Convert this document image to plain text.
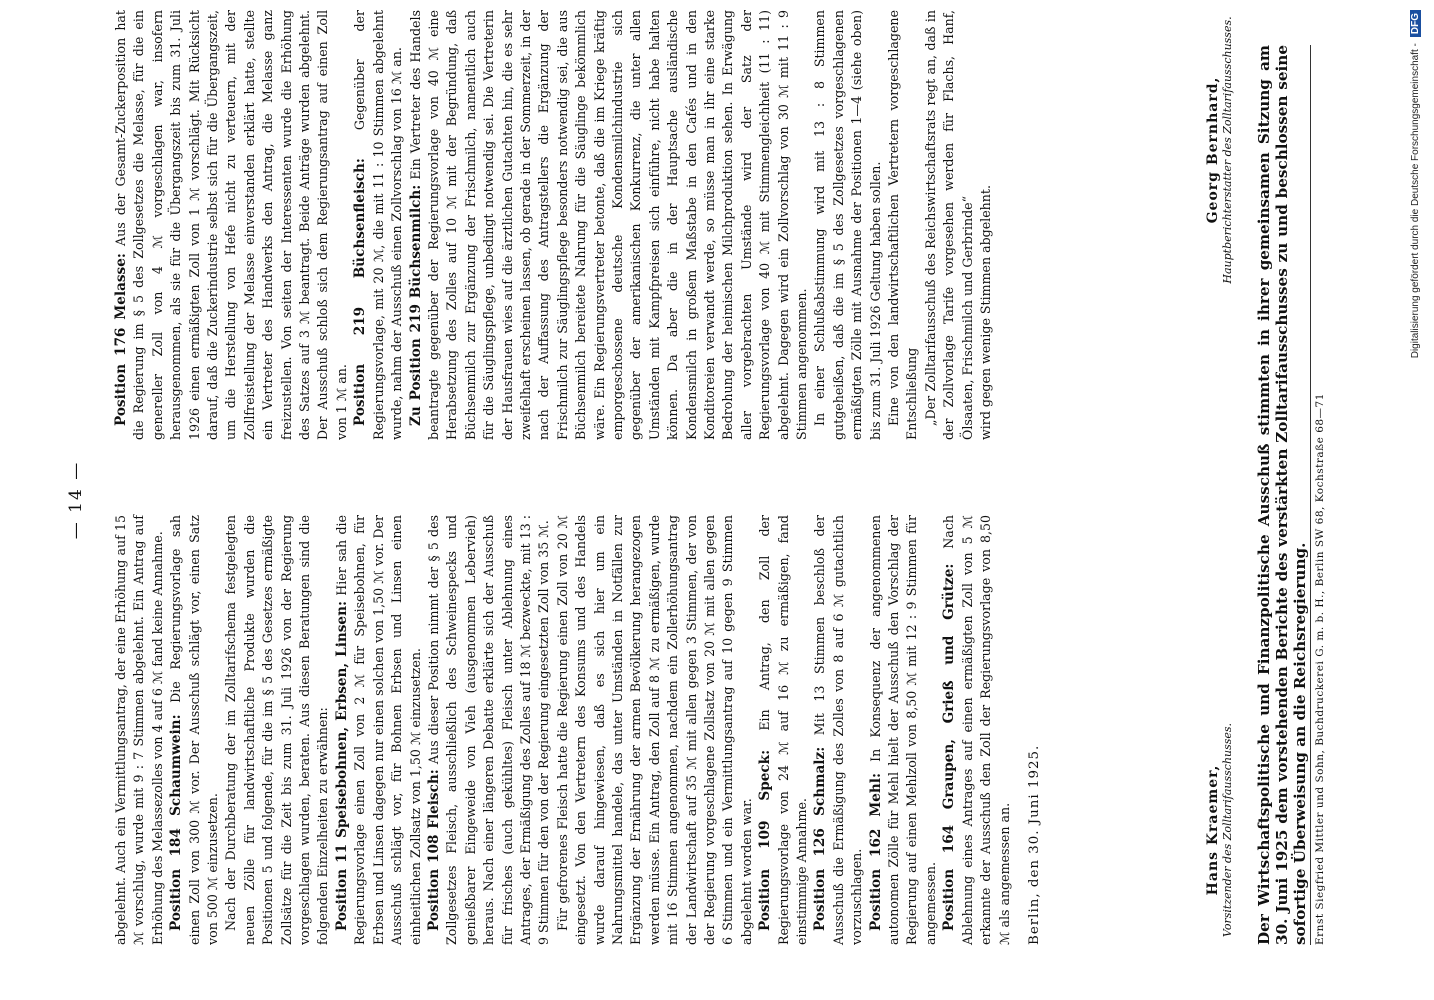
— 14 —

abgelehnt. Auch ein Vermittlungsantrag, der eine Erhöhung auf 15 ℳ vorschlug, wurde mit 9 : 7 Stimmen abgelehnt. Ein Antrag auf Erhöhung des Melassezolles von 4 auf 6 ℳ fand keine Annahme. Position 184 Schaumwein: Die Regierungsvorlage sah einen Zoll von 300 ℳ vor. Der Ausschuß schlägt vor, einen Satz von 500 ℳ einzusetzen. Nach der Durchberatung der im Zolltarifschema festgelegten neuen Zölle für landwirtschaftliche Produkte wurden die Positionen 5 und folgende, für die im § 5 des Gesetzes ermäßigte Zollsätze für die Zeit bis zum 31. Juli 1926 von der Regierung vorgeschlagen wurden, beraten. Aus diesen Beratungen sind die folgenden Einzelheiten zu erwähnen: Position 11 Speisebohnen, Erbsen, Linsen: Hier sah die Regierungsvorlage einen Zoll von 2 ℳ für Speisebohnen, für Erbsen und Linsen dagegen nur einen solchen von 1,50 ℳ vor. Der Ausschuß schlägt vor, für Bohnen Erbsen und Linsen einen einheitlichen Zollsatz von 1,50 ℳ einzusetzen. Position 108 Fleisch: Aus dieser Position nimmt der § 5 des Zollgesetzes Fleisch, ausschließlich des Schweinespecks und genießbarer Eingeweide von Vieh (ausgenommen Lebervieh) heraus. Nach einer längeren Debatte erklärte sich der Ausschuß für frisches (auch gekühltes) Fleisch unter Ablehnung eines Antrages, der Ermäßigung des Zolles auf 18 ℳ bezweckte, mit 13 : 9 Stimmen für den von der Regierung eingesetzten Zoll von 35 ℳ. Für gefrorenes Fleisch hatte die Regierung einen Zoll von 20 ℳ eingesetzt. Von den Vertretern des Konsums und des Handels wurde darauf hingewiesen, daß es sich hier um ein Nahrungsmittel handele, das unter Umständen in Notfällen zur Ergänzung der Ernährung der armen Bevölkerung herangezogen werden müsse. Ein Antrag, den Zoll auf 8 ℳ zu ermäßigen, wurde mit 16 Stimmen angenommen, nachdem ein Zollerhöhungsantrag der Landwirtschaft auf 35 ℳ mit allen gegen 3 Stimmen, der von der Regierung vorgeschlagene Zollsatz von 20 ℳ mit allen gegen 6 Stimmen und ein Vermittlungsantrag auf 10 gegen 9 Stimmen abgelehnt worden war. Position 109 Speck: Ein Antrag, den Zoll der Regierungsvorlage von 24 ℳ auf 16 ℳ zu ermäßigen, fand einstimmige Annahme. Position 126 Schmalz: Mit 13 Stimmen beschloß der Ausschuß die Ermäßigung des Zolles von 8 auf 6 ℳ gutachtlich vorzuschlagen. Position 162 Mehl: In Konsequenz der angenommenen autonomen Zölle für Mehl hielt der Ausschuß den Vorschlag der Regierung auf einen Mehlzoll von 8,50 ℳ mit 12 : 9 Stimmen für angemessen. Position 164 Graupen, Grieß und Grütze: Nach Ablehnung eines Antrages auf einen ermäßigten Zoll von 5 ℳ erkannte der Ausschuß den Zoll der Regierungsvorlage von 8,50 ℳ als angemessen an. Berlin, den 30. Juni 1925.

Position 176 Melasse: Aus der Gesamt-Zuckerposition hat die Regierung im § 5 des Zollgesetzes die Melasse, für die ein genereller Zoll von 4 ℳ vorgeschlagen war, insofern herausgenommen, als sie für die Übergangszeit bis zum 31. Juli 1926 einen ermäßigten Zoll von 1 ℳ vorschlägt. Mit Rücksicht darauf, daß die Zuckerindustrie selbst sich für die Übergangszeit, um die Herstellung von Hefe nicht zu verteuern, mit der Zollfreistellung der Melasse einverstanden erklärt hatte, stellte ein Vertreter des Handwerks den Antrag, die Melasse ganz freizustellen. Von seiten der Interessenten wurde die Erhöhung des Satzes auf 3 ℳ beantragt. Beide Anträge wurden abgelehnt. Der Ausschuß schloß sich dem Regierungsantrag auf einen Zoll von 1 ℳ an. Position 219 Büchsenfleisch: Gegenüber der Regierungsvorlage, mit 20 ℳ, die mit 11 : 10 Stimmen abgelehnt wurde, nahm der Ausschuß einen Zollvorschlag von 16 ℳ an. Zu Position 219 Büchsenmilch: Ein Vertreter des Handels beantragte gegenüber der Regierungsvorlage von 40 ℳ eine Herabsetzung des Zolles auf 10 ℳ mit der Begründung, daß Büchsenmilch zur Ergänzung der Frischmilch, namentlich auch für die Säuglingspflege, unbedingt notwendig sei. Die Vertreterin der Hausfrauen wies auf die ärztlichen Gutachten hin, die es sehr zweifelhaft erscheinen lassen, ob gerade in der Sommerzeit, in der nach der Auffassung des Antragstellers die Ergänzung der Frischmilch zur Säuglingspflege besonders notwendig sei, die aus Büchsenmilch bereitete Nahrung für die Säuglinge bekömmlich wäre. Ein Regierungsvertreter betonte, daß die im Kriege kräftig emporgeschossene deutsche Kondensmilchindustrie sich gegenüber der amerikanischen Konkurrenz, die unter allen Umständen mit Kampfpreisen sich einführe, nicht habe halten können. Da aber die in der Hauptsache ausländische Kondensmilch in großem Maßstabe in den Cafés und in den Konditoreien verwandt werde, so müsse man in ihr eine starke Bedrohung der heimischen Milchproduktion sehen. In Erwägung aller vorgebrachten Umstände wird der Satz der Regierungsvorlage von 40 ℳ mit Stimmengleichheit (11 : 11) abgelehnt. Dagegen wird ein Zollvorschlag von 30 ℳ mit 11 : 9 Stimmen angenommen. In einer Schlußabstimmung wird mit 13 : 8 Stimmen gutgeheißen, daß die im § 5 des Zollgesetzes vorgeschlagenen ermäßigten Zölle mit Ausnahme der Positionen 1—4 (siehe oben) bis zum 31. Juli 1926 Geltung haben sollen. Eine von den landwirtschaftlichen Vertretern vorgeschlagene Entschließung „Der Zolltarifausschuß des Reichswirtschaftsrats regt an, daß in der Zollvorlage Tarife vorgesehen werden für Flachs, Hanf, Ölsaaten, Frischmilch und Gerbrinde“ wird gegen wenige Stimmen abgelehnt.

Hans Kraemer, Vorsitzender des Zolltarifausschusses.
Georg Bernhard, Hauptberichterstatter des Zolltarifausschusses. Der Wirtschaftspolitische und Finanzpolitische Ausschuß stimmten in ihrer gemeinsamen Sitzung am 30. Juni 1925 dem vorstehenden Berichte des verstärkten Zolltarifausschusses zu und beschlossen seine sofortige Überweisung an die Reichsregierung. Ernst Siegfried Mittler und Sohn, Buchdruckerei G. m. b. H., Berlin SW 68, Kochstraße 68—71
Digitalisierung gefördert durch die Deutsche Forschungsgemeinschaft -DFG
